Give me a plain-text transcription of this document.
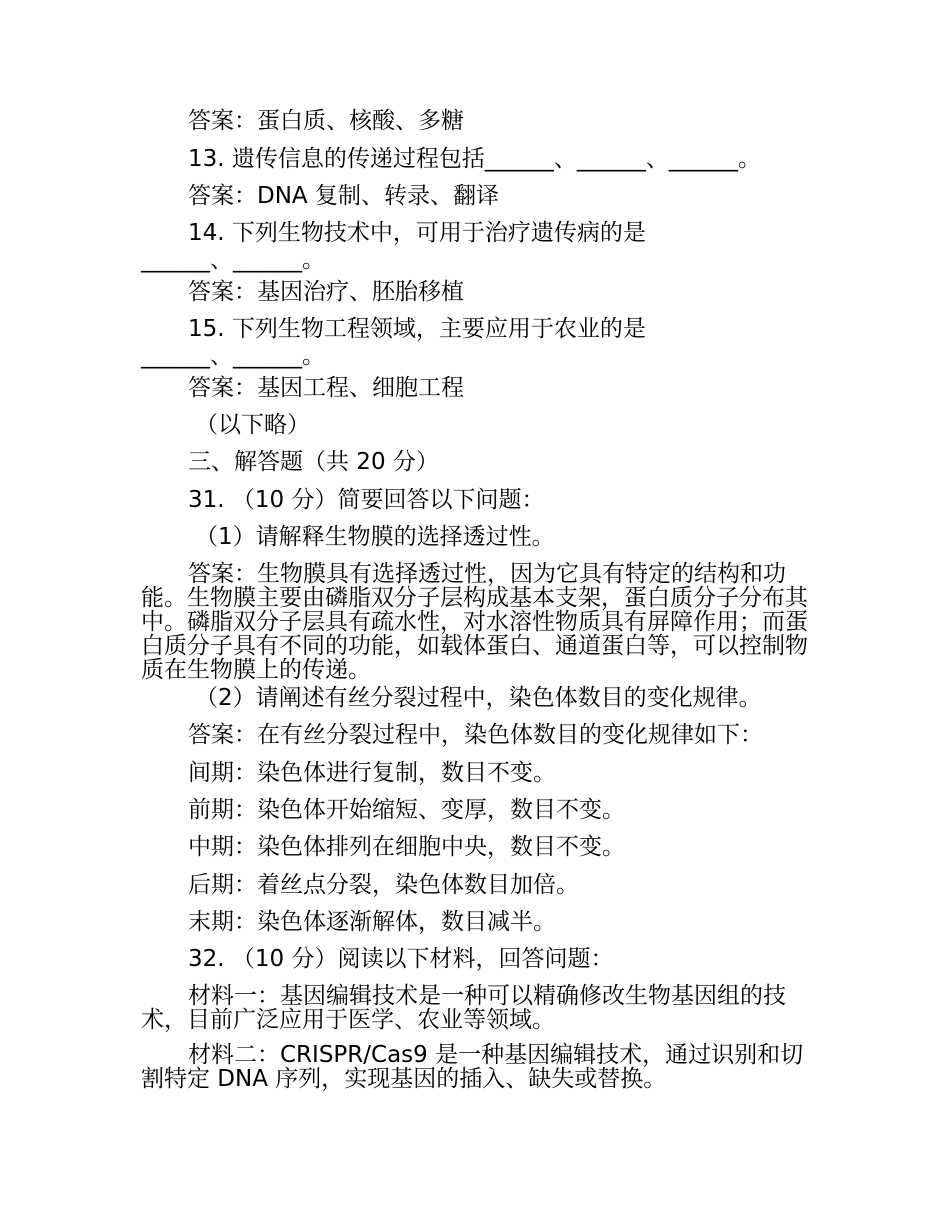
答案：蛋白质、核酸、多糖
13. 遗传信息的传递过程包括______、______、______。
答案：DNA 复制、转录、翻译
14. 下列生物技术中，可用于治疗遗传病的是
______、______。
答案：基因治疗、胚胎移植
15. 下列生物工程领域，主要应用于农业的是
______、______。
答案：基因工程、细胞工程
（以下略）
三、解答题（共 20 分）
31. （10 分）简要回答以下问题：
（1）请解释生物膜的选择透过性。
答案：生物膜具有选择透过性，因为它具有特定的结构和功能。生物膜主要由磷脂双分子层构成基本支架，蛋白质分子分布其中。磷脂双分子层具有疏水性，对水溶性物质具有屏障作用；而蛋白质分子具有不同的功能，如载体蛋白、通道蛋白等，可以控制物质在生物膜上的传递。
（2）请阐述有丝分裂过程中，染色体数目的变化规律。
答案：在有丝分裂过程中，染色体数目的变化规律如下：
间期：染色体进行复制，数目不变。
前期：染色体开始缩短、变厚，数目不变。
中期：染色体排列在细胞中央，数目不变。
后期：着丝点分裂，染色体数目加倍。
末期：染色体逐渐解体，数目减半。
32. （10 分）阅读以下材料，回答问题：
材料一：基因编辑技术是一种可以精确修改生物基因组的技术，目前广泛应用于医学、农业等领域。
材料二：CRISPR/Cas9 是一种基因编辑技术，通过识别和切割特定 DNA 序列，实现基因的插入、缺失或替换。
